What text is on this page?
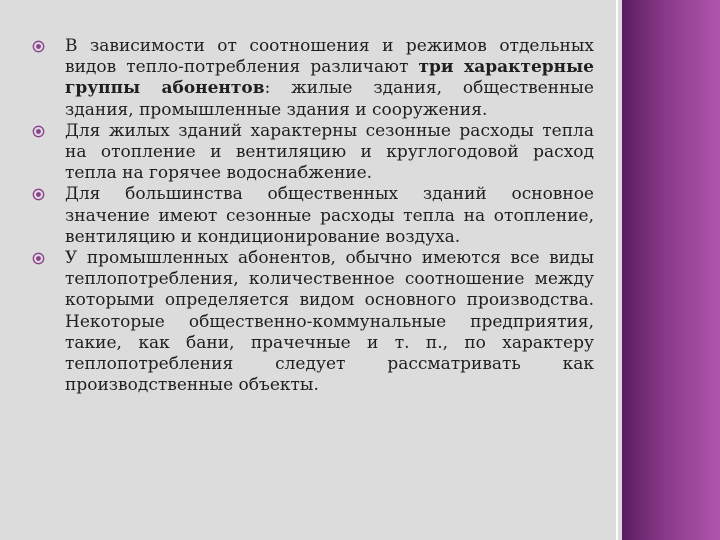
В зависимости от соотношения и режимов отдельных видов тепло-потребления различают три характерные группы абонентов: жилые здания, общественные здания, промышленные здания и сооружения.
Для жилых зданий характерны сезонные расходы тепла на отопление и вентиляцию и круглогодовой расход тепла на горячее водоснабжение.
Для большинства общественных зданий основное значение имеют сезонные расходы тепла на отопление, вентиляцию и кондиционирование воздуха.
У промышленных абонентов, обычно имеются все виды теплопотребления, количественное соотношение между которыми определяется видом основного производства. Некоторые общественно-коммунальные предприятия, такие, как бани, прачечные и т. п., по характеру теплопотребления следует рассматривать как производственные объекты.
